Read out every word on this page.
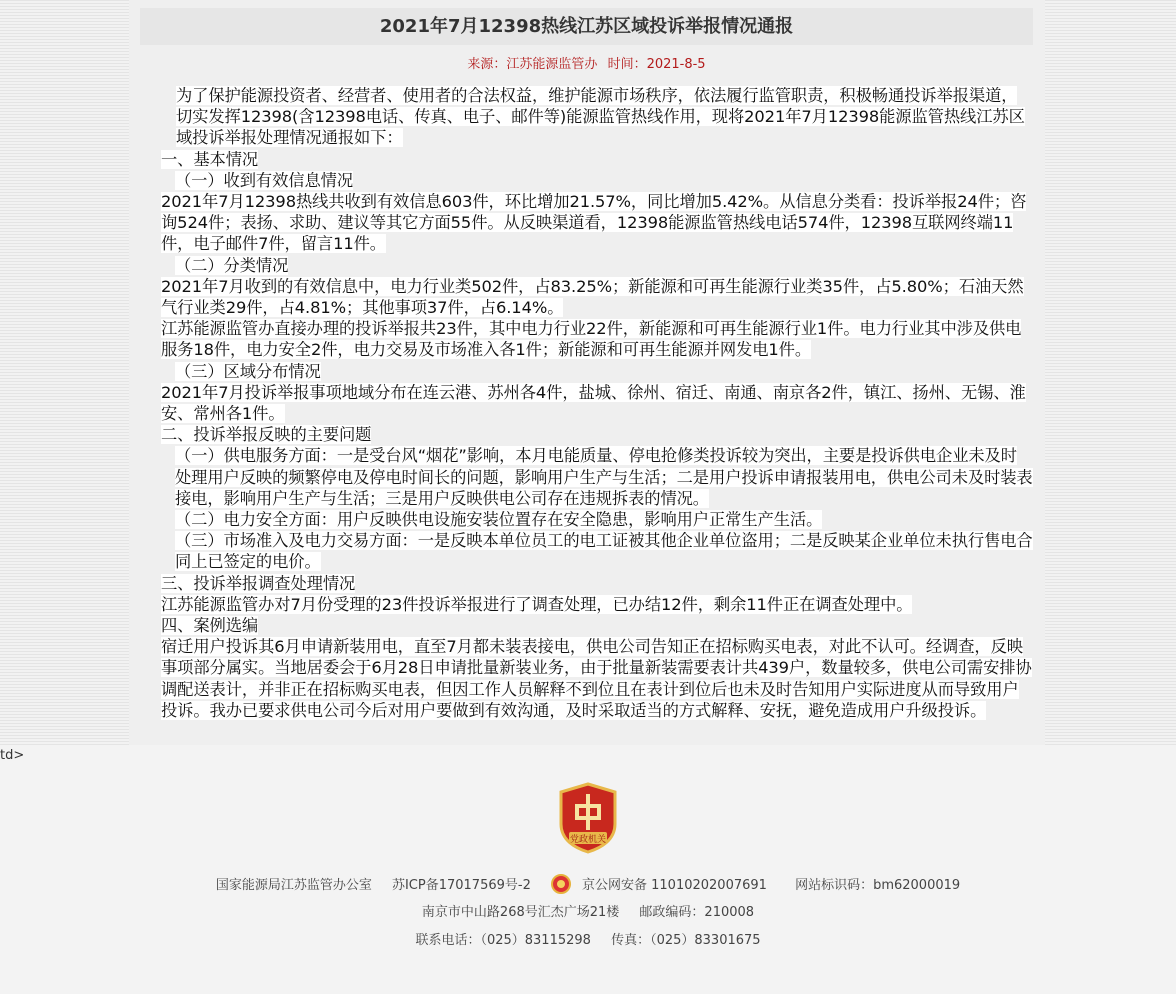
2021年7月12398热线江苏区域投诉举报情况通报
来源：江苏能源监管办 时间：2021-8-5

为了保护能源投资者、经营者、使用者的合法权益，维护能源市场秩序，依法履行监管职责，积极畅通投诉举报渠道，切实发挥12398(含12398电话、传真、电子、邮件等)能源监管热线作用，现将2021年7月12398能源监管热线江苏区域投诉举报处理情况通报如下：

一、基本情况

（一）收到有效信息情况

2021年7月12398热线共收到有效信息603件，环比增加21.57%，同比增加5.42%。从信息分类看：投诉举报24件；咨询524件；表扬、求助、建议等其它方面55件。从反映渠道看，12398能源监管热线电话574件，12398互联网终端11件，电子邮件7件，留言11件。

（二）分类情况

2021年7月收到的有效信息中，电力行业类502件，占83.25%；新能源和可再生能源行业类35件，占5.80%；石油天然气行业类29件，占4.81%；其他事项37件，占6.14%。

江苏能源监管办直接办理的投诉举报共23件，其中电力行业22件，新能源和可再生能源行业1件。电力行业其中涉及供电服务18件，电力安全2件，电力交易及市场准入各1件；新能源和可再生能源并网发电1件。

（三）区域分布情况

2021年7月投诉举报事项地域分布在连云港、苏州各4件，盐城、徐州、宿迁、南通、南京各2件，镇江、扬州、无锡、淮安、常州各1件。

二、投诉举报反映的主要问题

（一）供电服务方面：一是受台风“烟花”影响，本月电能质量、停电抢修类投诉较为突出，主要是投诉供电企业未及时处理用户反映的频繁停电及停电时间长的问题，影响用户生产与生活；二是用户投诉申请报装用电，供电公司未及时装表接电，影响用户生产与生活；三是用户反映供电公司存在违规拆表的情况。

（二）电力安全方面：用户反映供电设施安装位置存在安全隐患，影响用户正常生产生活。

（三）市场准入及电力交易方面：一是反映本单位员工的电工证被其他企业单位盗用；二是反映某企业单位未执行售电合同上已签定的电价。

三、投诉举报调查处理情况

江苏能源监管办对7月份受理的23件投诉举报进行了调查处理，已办结12件，剩余11件正在调查处理中。

四、案例选编

宿迁用户投诉其6月申请新装用电，直至7月都未装表接电，供电公司告知正在招标购买电表，对此不认可。经调查，反映事项部分属实。当地居委会于6月28日申请批量新装业务，由于批量新装需要表计共439户，数量较多，供电公司需安排协调配送表计，并非正在招标购买电表，但因工作人员解释不到位且在表计到位后也未及时告知用户实际进度从而导致用户投诉。我办已要求供电公司今后对用户要做到有效沟通，及时采取适当的方式解释、安抚，避免造成用户升级投诉。

td>
党政机关
国家能源局江苏监管办公室 苏ICP备17017569号-2	京公网安备 11010202007691 网站标识码：bm62000019
南京市中山路268号汇杰广场21楼 邮政编码：210008
联系电话：（025）83115298 传真：（025）83301675
